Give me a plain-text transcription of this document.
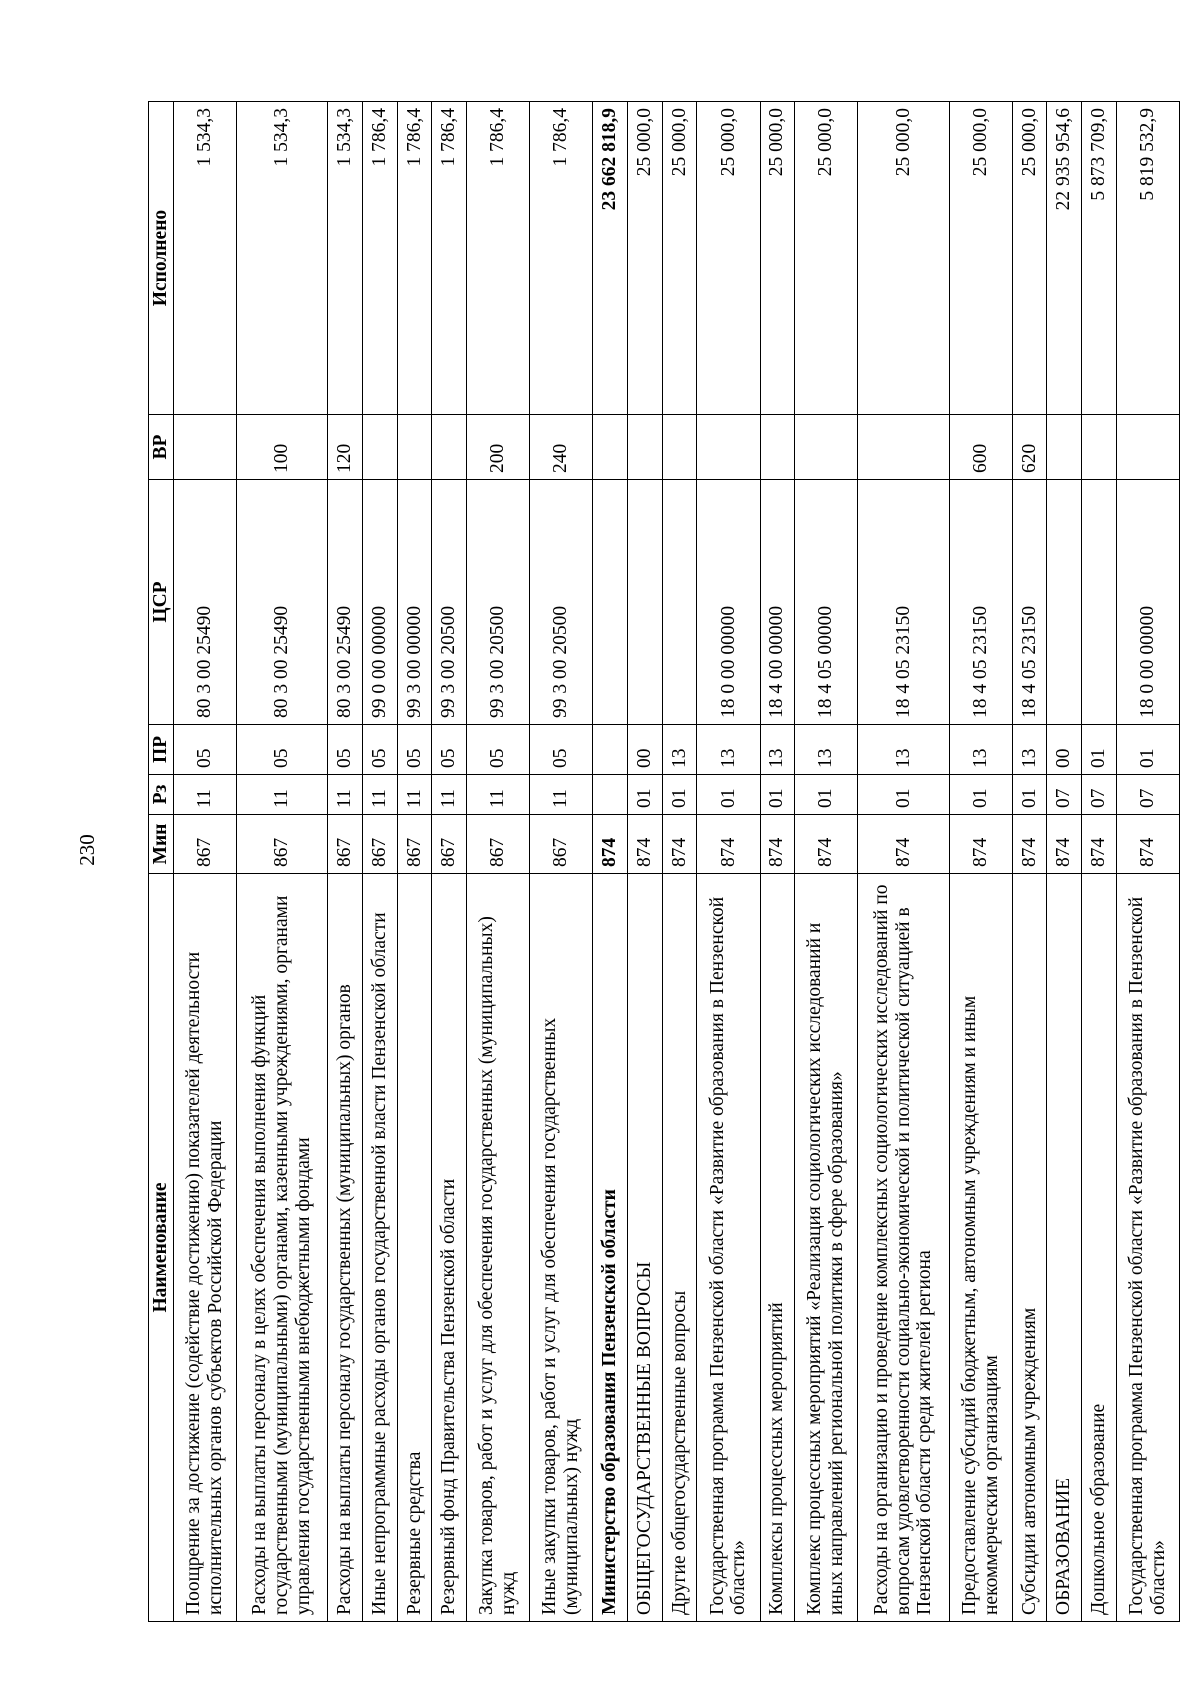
230
Наименование	Мин	Рз	ПР	ЦСР	ВР	Исполнено
Поощрение за достижение (содействие достижению) показателей деятельности исполнительных органов субъектов Российской Федерации	867	11	05	80 3 00 25490		1 534,3
Расходы на выплаты персоналу в целях обеспечения выполнения функций государственными (муниципальными) органами, казенными учреждениями, органами управления государственными внебюджетными фондами	867	11	05	80 3 00 25490	100	1 534,3
Расходы на выплаты персоналу государственных (муниципальных) органов	867	11	05	80 3 00 25490	120	1 534,3
Иные непрограммные расходы органов государственной власти Пензенской области	867	11	05	99 0 00 00000		1 786,4
Резервные средства	867	11	05	99 3 00 00000		1 786,4
Резервный фонд Правительства Пензенской области	867	11	05	99 3 00 20500		1 786,4
Закупка товаров, работ и услуг для обеспечения государственных (муниципальных) нужд	867	11	05	99 3 00 20500	200	1 786,4
Иные закупки товаров, работ и услуг для обеспечения государственных (муниципальных) нужд	867	11	05	99 3 00 20500	240	1 786,4
Министерство образования Пензенской области	874					23 662 818,9
ОБЩЕГОСУДАРСТВЕННЫЕ ВОПРОСЫ	874	01	00			25 000,0
Другие общегосударственные вопросы	874	01	13			25 000,0
Государственная программа Пензенской области «Развитие образования в Пензенской области»	874	01	13	18 0 00 00000		25 000,0
Комплексы процессных мероприятий	874	01	13	18 4 00 00000		25 000,0
Комплекс процессных мероприятий «Реализация социологических исследований и иных направлений региональной политики в сфере образования»	874	01	13	18 4 05 00000		25 000,0
Расходы на организацию и проведение комплексных социологических исследований по вопросам удовлетворенности социально-экономической и политической ситуацией в Пензенской области среди жителей региона	874	01	13	18 4 05 23150		25 000,0
Предоставление субсидий бюджетным, автономным учреждениям и иным некоммерческим организациям	874	01	13	18 4 05 23150	600	25 000,0
Субсидии автономным учреждениям	874	01	13	18 4 05 23150	620	25 000,0
ОБРАЗОВАНИЕ	874	07	00			22 935 954,6
Дошкольное образование	874	07	01			5 873 709,0
Государственная программа Пензенской области «Развитие образования в Пензенской области»	874	07	01	18 0 00 00000		5 819 532,9
